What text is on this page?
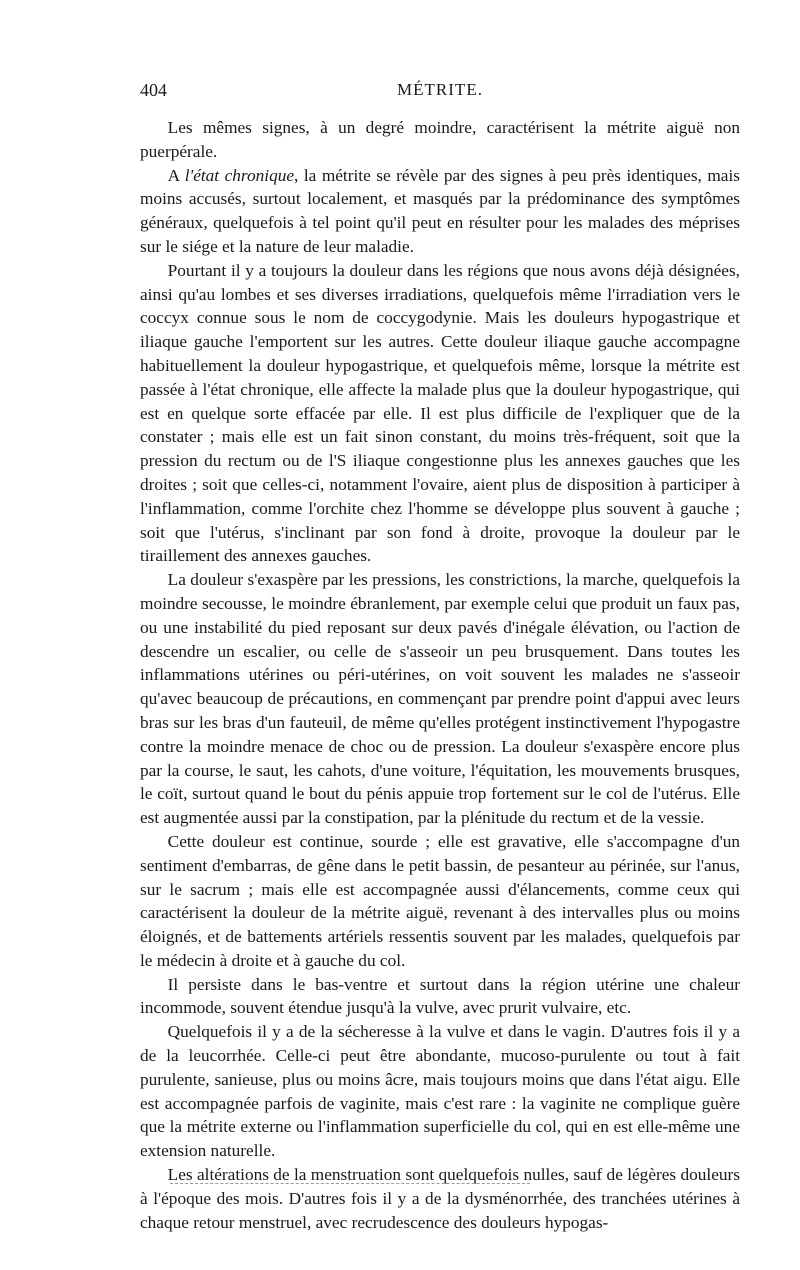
404	MÉTRITE.

Les mêmes signes, à un degré moindre, caractérisent la métrite aiguë non puerpérale.

A l'état chronique, la métrite se révèle par des signes à peu près identiques, mais moins accusés, surtout localement, et masqués par la prédominance des symptômes généraux, quelquefois à tel point qu'il peut en résulter pour les malades des méprises sur le siége et la nature de leur maladie.

Pourtant il y a toujours la douleur dans les régions que nous avons déjà désignées, ainsi qu'au lombes et ses diverses irradiations, quelquefois même l'irradiation vers le coccyx connue sous le nom de coccygodynie. Mais les douleurs hypogastrique et iliaque gauche l'emportent sur les autres. Cette douleur iliaque gauche accompagne habituellement la douleur hypogastrique, et quelquefois même, lorsque la métrite est passée à l'état chronique, elle affecte la malade plus que la douleur hypogastrique, qui est en quelque sorte effacée par elle. Il est plus difficile de l'expliquer que de la constater ; mais elle est un fait sinon constant, du moins très-fréquent, soit que la pression du rectum ou de l'S iliaque congestionne plus les annexes gauches que les droites ; soit que celles-ci, notamment l'ovaire, aient plus de disposition à participer à l'inflammation, comme l'orchite chez l'homme se développe plus souvent à gauche ; soit que l'utérus, s'inclinant par son fond à droite, provoque la douleur par le tiraillement des annexes gauches.

La douleur s'exaspère par les pressions, les constrictions, la marche, quelquefois la moindre secousse, le moindre ébranlement, par exemple celui que produit un faux pas, ou une instabilité du pied reposant sur deux pavés d'inégale élévation, ou l'action de descendre un escalier, ou celle de s'asseoir un peu brusquement. Dans toutes les inflammations utérines ou péri-utérines, on voit souvent les malades ne s'asseoir qu'avec beaucoup de précautions, en commençant par prendre point d'appui avec leurs bras sur les bras d'un fauteuil, de même qu'elles protégent instinctivement l'hypogastre contre la moindre menace de choc ou de pression. La douleur s'exaspère encore plus par la course, le saut, les cahots, d'une voiture, l'équitation, les mouvements brusques, le coït, surtout quand le bout du pénis appuie trop fortement sur le col de l'utérus. Elle est augmentée aussi par la constipation, par la plénitude du rectum et de la vessie.

Cette douleur est continue, sourde ; elle est gravative, elle s'accompagne d'un sentiment d'embarras, de gêne dans le petit bassin, de pesanteur au périnée, sur l'anus, sur le sacrum ; mais elle est accompagnée aussi d'élancements, comme ceux qui caractérisent la douleur de la métrite aiguë, revenant à des intervalles plus ou moins éloignés, et de battements artériels ressentis souvent par les malades, quelquefois par le médecin à droite et à gauche du col.

Il persiste dans le bas-ventre et surtout dans la région utérine une chaleur incommode, souvent étendue jusqu'à la vulve, avec prurit vulvaire, etc.

Quelquefois il y a de la sécheresse à la vulve et dans le vagin. D'autres fois il y a de la leucorrhée. Celle-ci peut être abondante, mucoso-purulente ou tout à fait purulente, sanieuse, plus ou moins âcre, mais toujours moins que dans l'état aigu. Elle est accompagnée parfois de vaginite, mais c'est rare : la vaginite ne complique guère que la métrite externe ou l'inflammation superficielle du col, qui en est elle-même une extension naturelle.

Les altérations de la menstruation sont quelquefois nulles, sauf de légères douleurs à l'époque des mois. D'autres fois il y a de la dysménorrhée, des tranchées utérines à chaque retour menstruel, avec recrudescence des douleurs hypogas-
